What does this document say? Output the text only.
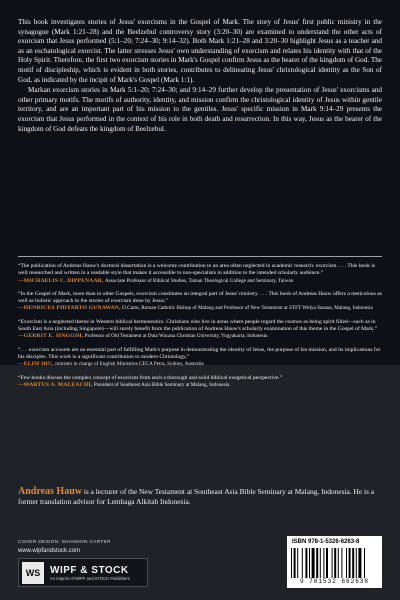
This book investigates stories of Jesus' exorcisms in the Gospel of Mark. The story of Jesus' first public ministry in the synagogue (Mark 1:21–28) and the Beelzebul controversy story (3:20–30) are examined to understand the other acts of exorcism that Jesus performed (5:1–20; 7:24–30; 9:14–32). Both Mark 1:21–28 and 3:20–30 highlight Jesus as a teacher and as an eschatological exorcist. The latter stresses Jesus' own understanding of exorcism and relates his identity with that of the Holy Spirit. Therefore, the first two exorcism stories in Mark's Gospel confirm Jesus as the bearer of the kingdom of God. The motif of discipleship, which is evident in both stories, contributes to delineating Jesus' christological identity as the Son of God, as indicated by the incipit of Mark's Gospel (Mark 1:1).

Markan exorcism stories in Mark 5:1–20; 7:24–30; and 9:14–29 further develop the presentation of Jesus' exorcisms and other primary motifs. The motifs of authority, identity, and mission confirm the christological identity of Jesus within gentile territory, and are an important part of his mission to the gentiles. Jesus' specific mission in Mark 9:14–29 presents the exorcism that Jesus performed in the context of his role in both death and resurrection. In this way, Jesus as the bearer of the kingdom of God defeats the kingdom of Beelzebul.

“The publication of Andreas Hauw's doctoral dissertation is a welcome contribution to an area often neglected in academic research: exorcism. . . . This book is well researched and written in a readable style that makes it accessible to non-specialists in addition to the intended scholarly audience.”
—MICHAELIS C. DIPPENAAR, Associate Professor of Biblical Studies, Tainan Theological College and Seminary, Taiwan
“In the Gospel of Mark, more than in other Gospels, exorcism constitutes an integral part of Jesus' ministry. . . . This book of Andreas Hauw offers a meticulous as well as holistic approach to the stories of exorcism done by Jesus.”
—HENRICUS PIDYARTO GUNAWAN, O.Carm, Roman Catholic Bishop of Malang and Professor of New Testament at STFT Widya Sasana, Malang, Indonesia
“Exorcism is a neglected theme in Western biblical hermeneutics. Christians who live in areas where people regard the cosmos as being spirit filled—such as in South East Asia (including Singapore)—will surely benefit from the publication of Andreas Hauw's scholarly examination of this theme in the Gospel of Mark.”
—GERRIT E. SINGGIH, Professor of Old Testament at Duta Wacana Christian University, Yogyakarta, Indonesia
“. . . exorcism accounts are an essential part of fulfilling Mark's purpose in demonstrating the identity of Jesus, the purpose of his mission, and its implications for his disciples. This work is a significant contribution to modern Christology.”
—ELIM HIU, minister in charge of English Ministries CECA Petra, Sydney, Australia
“Few books discuss the complex concept of exorcism from such a thorough and solid biblical exegetical perspective.”
—MARTUS A. MALEACHI, President of Southeast Asia Bible Seminary at Malang, Indonesia
Andreas Hauw is a lecturer of the New Testament at Southeast Asia Bible Seminary at Malang, Indonesia. He is a former translation advisor for Lembaga Alkitab Indonesia.
COVER DESIGN: SHANNON CARTER
www.wipfandstock.com
WS WIPF & STOCK
An Imprint of WIPF and STOCK Publishers
ISBN 978-1-5326-6263-8
9 781532 662638
